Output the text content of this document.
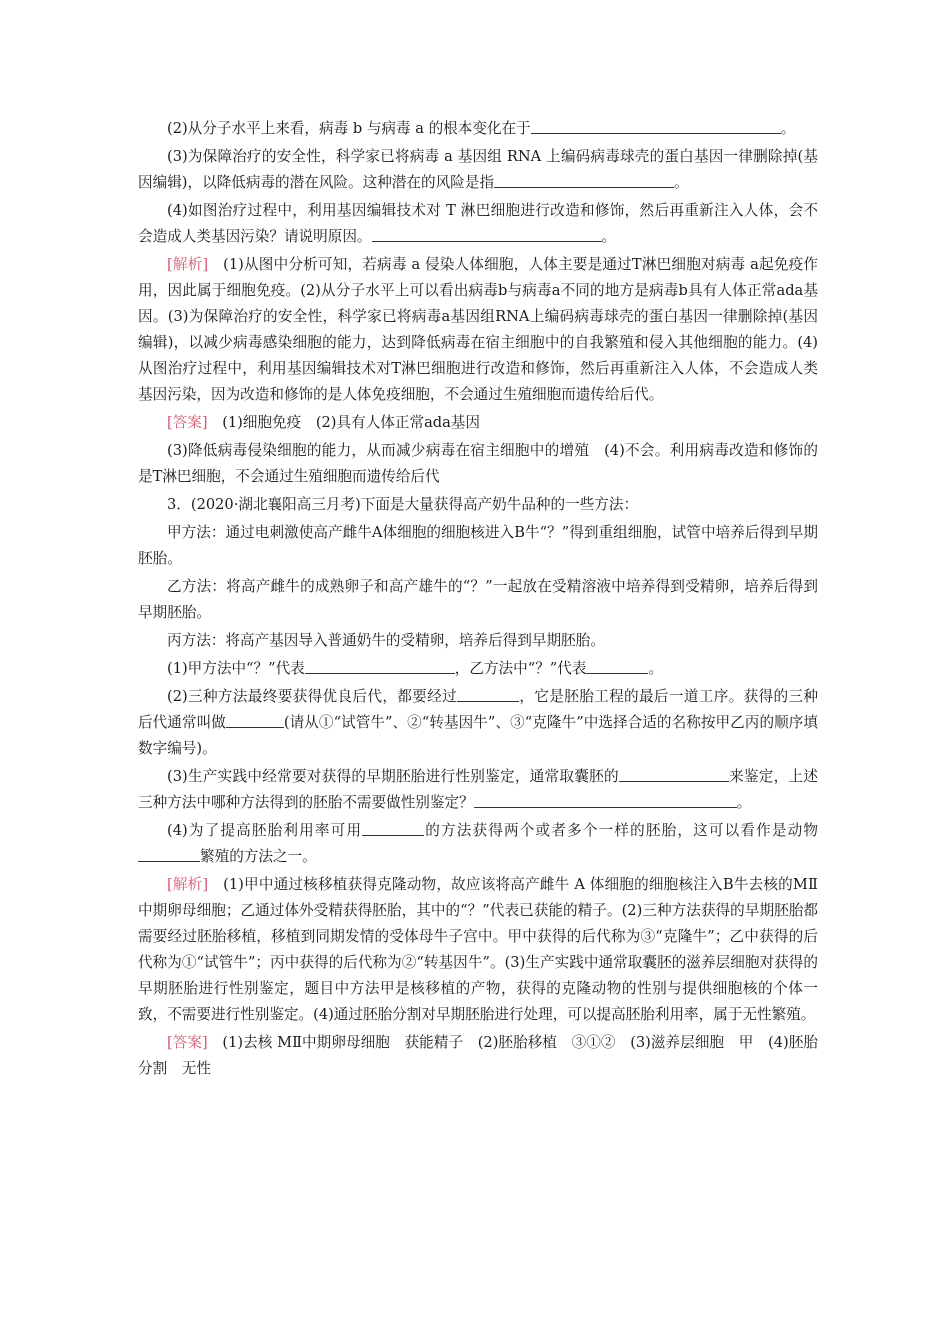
(2)从分子水平上来看，病毒 b 与病毒 a 的根本变化在于	。

(3)为保障治疗的安全性，科学家已将病毒 a 基因组 RNA 上编码病毒球壳的蛋白基因一律删除掉(基因编辑)，以降低病毒的潜在风险。这种潜在的风险是指	。

(4)如图治疗过程中，利用基因编辑技术对 T 淋巴细胞进行改造和修饰，然后再重新注入人体，会不会造成人类基因污染？请说明原因。	。

[解析]　 (1)从图中分析可知，若病毒 a 侵染人体细胞，人体主要是通过T淋巴细胞对病毒 a起免疫作用，因此属于细胞免疫。(2)从分子水平上可以看出病毒b与病毒a不同的地方是病毒b具有人体正常ada基因。(3)为保障治疗的安全性，科学家已将病毒a基因组RNA上编码病毒球壳的蛋白基因一律删除掉(基因编辑)，以减少病毒感染细胞的能力，达到降低病毒在宿主细胞中的自我繁殖和侵入其他细胞的能力。(4)从图治疗过程中，利用基因编辑技术对T淋巴细胞进行改造和修饰，然后再重新注入人体，不会造成人类基因污染，因为改造和修饰的是人体免疫细胞，不会通过生殖细胞而遗传给后代。

[答案]　 (1)细胞免疫　(2)具有人体正常ada基因

(3)降低病毒侵染细胞的能力，从而减少病毒在宿主细胞中的增殖　(4)不会。利用病毒改造和修饰的是T淋巴细胞，不会通过生殖细胞而遗传给后代

3．(2020·湖北襄阳高三月考)下面是大量获得高产奶牛品种的一些方法：

甲方法：通过电刺激使高产雌牛A体细胞的细胞核进入B牛“？”得到重组细胞，试管中培养后得到早期胚胎。

乙方法：将高产雌牛的成熟卵子和高产雄牛的“？”一起放在受精溶液中培养得到受精卵，培养后得到早期胚胎。

丙方法：将高产基因导入普通奶牛的受精卵，培养后得到早期胚胎。

(1)甲方法中“？”代表	，乙方法中“？”代表	。

(2)三种方法最终要获得优良后代，都要经过	，它是胚胎工程的最后一道工序。获得的三种后代通常叫做	(请从①“试管牛”、②“转基因牛”、③“克隆牛”中选择合适的名称按甲乙丙的顺序填数字编号)。

(3)生产实践中经常要对获得的早期胚胎进行性别鉴定，通常取囊胚的	来鉴定，上述三种方法中哪种方法得到的胚胎不需要做性别鉴定？	。

(4)为了提高胚胎利用率可用	的方法获得两个或者多个一样的胚胎，这可以看作是动物繁殖的方法之一。

[解析]　 (1)甲中通过核移植获得克隆动物，故应该将高产雌牛 A 体细胞的细胞核注入B牛去核的MⅡ中期卵母细胞；乙通过体外受精获得胚胎，其中的“？”代表已获能的精子。(2)三种方法获得的早期胚胎都需要经过胚胎移植，移植到同期发情的受体母牛子宫中。甲中获得的后代称为③“克隆牛”；乙中获得的后代称为①“试管牛”；丙中获得的后代称为②“转基因牛”。(3)生产实践中通常取囊胚的滋养层细胞对获得的早期胚胎进行性别鉴定，题目中方法甲是核移植的产物，获得的克隆动物的性别与提供细胞核的个体一致，不需要进行性别鉴定。(4)通过胚胎分割对早期胚胎进行处理，可以提高胚胎利用率，属于无性繁殖。

[答案]　 (1)去核 MⅡ中期卵母细胞　获能精子　(2)胚胎移植　③①②　(3)滋养层细胞　甲　(4)胚胎分割　无性
